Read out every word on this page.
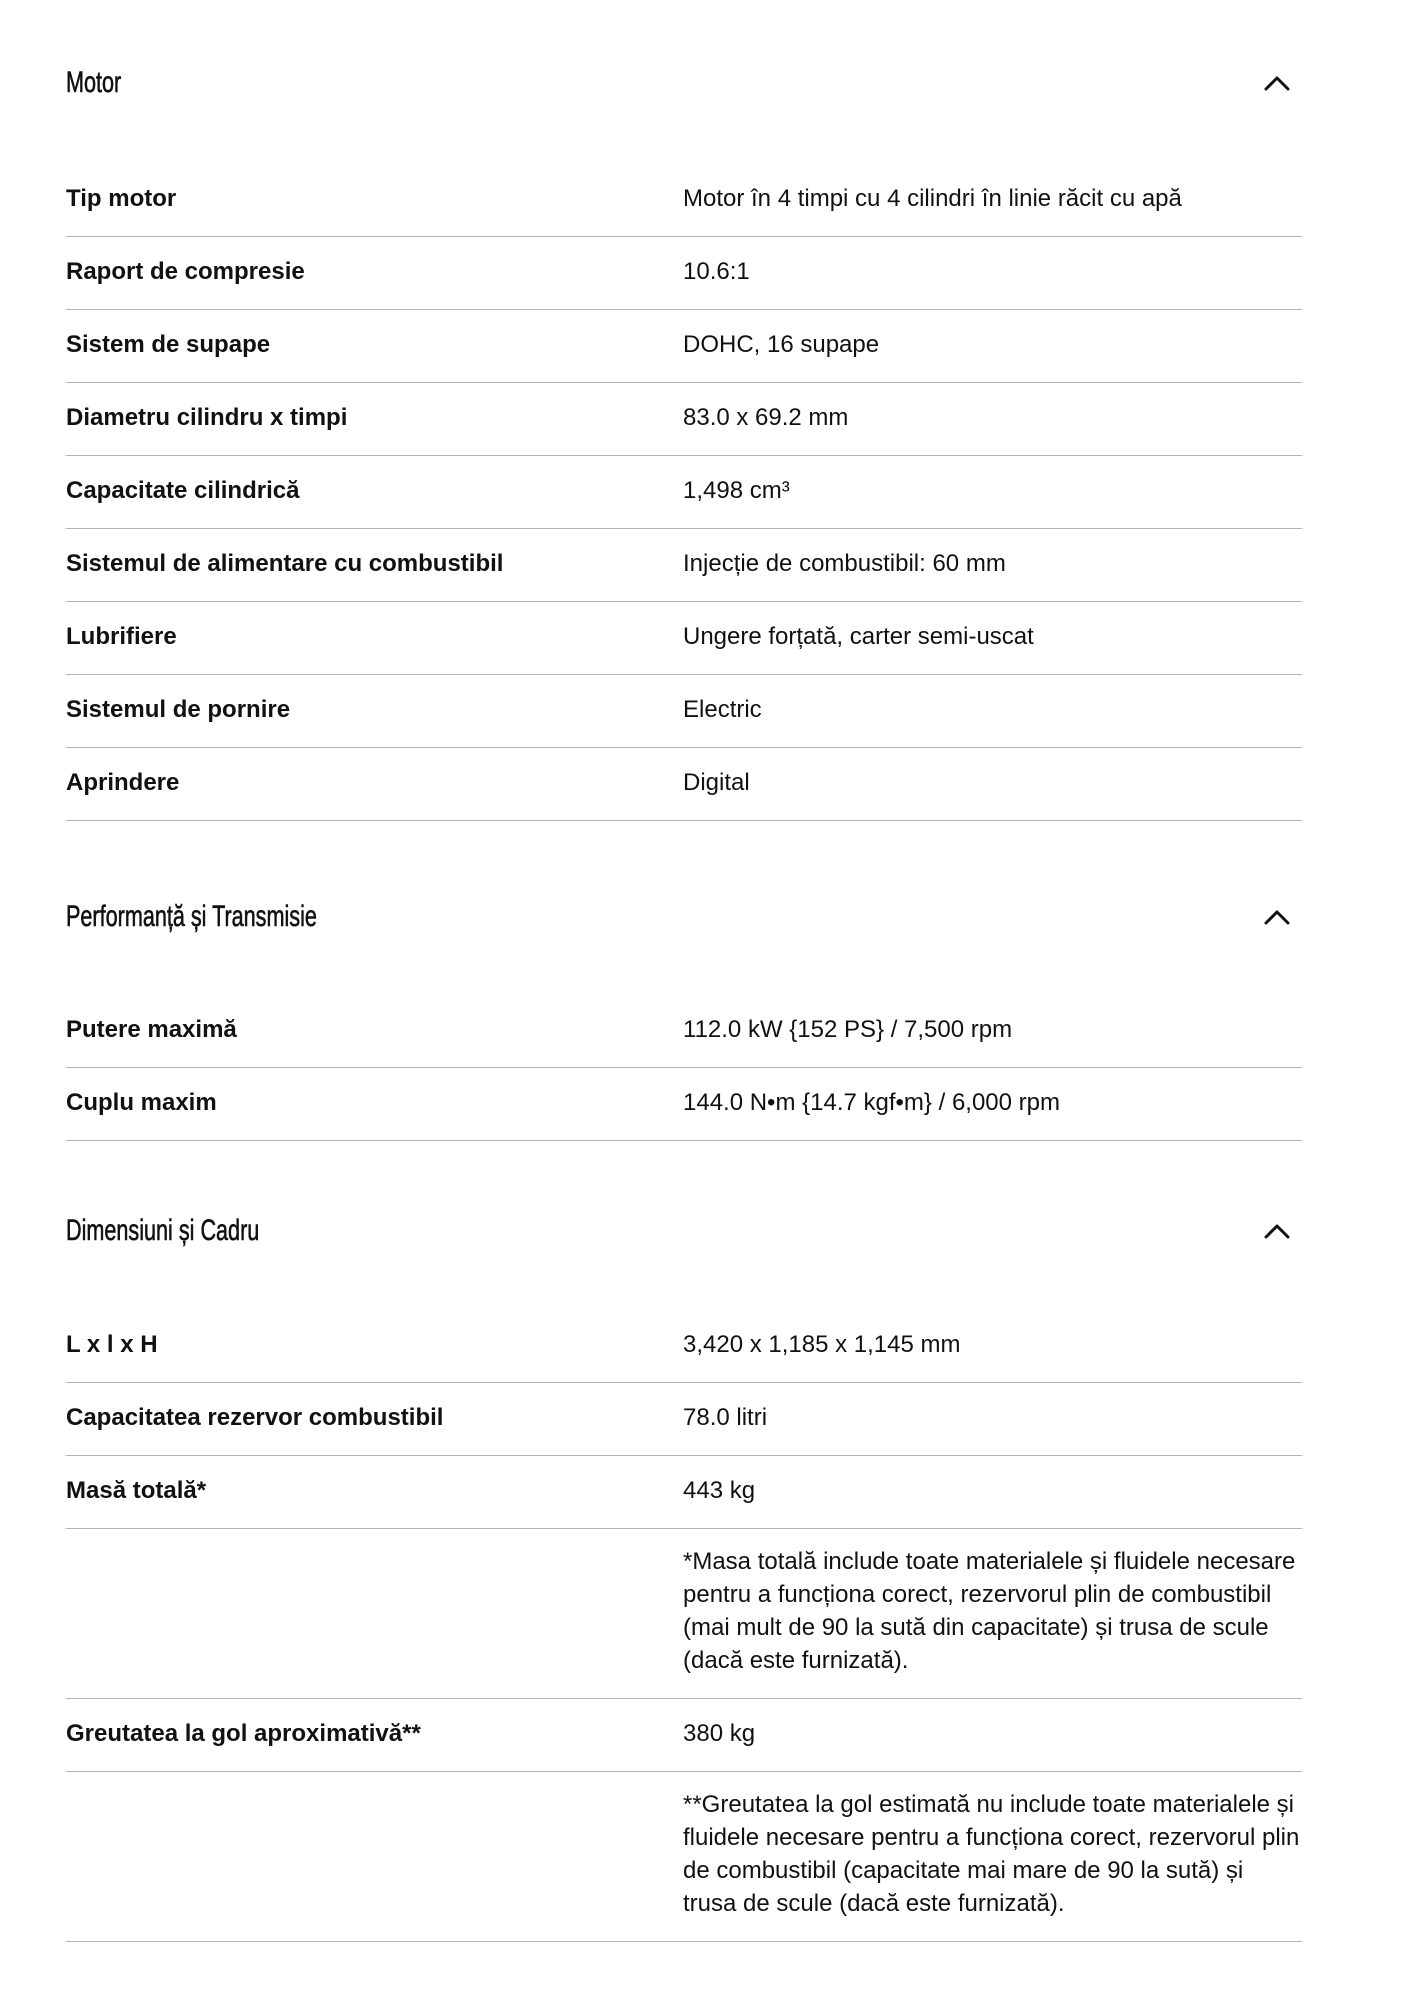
Motor
Tip motor	Motor în 4 timpi cu 4 cilindri în linie răcit cu apă
Raport de compresie	10.6:1
Sistem de supape	DOHC, 16 supape
Diametru cilindru x timpi	83.0 x 69.2 mm
Capacitate cilindrică	1,498 cm³
Sistemul de alimentare cu combustibil	Injecție de combustibil: 60 mm
Lubrifiere	Ungere forțată, carter semi-uscat
Sistemul de pornire	Electric
Aprindere	Digital
Performanță și Transmisie
Putere maximă	112.0 kW {152 PS} / 7,500 rpm
Cuplu maxim	144.0 N•m {14.7 kgf•m} / 6,000 rpm
Dimensiuni și Cadru
L x l x H	3,420 x 1,185 x 1,145 mm
Capacitatea rezervor combustibil	78.0 litri
Masă totală*	443 kg
*Masa totală include toate materialele și fluidele necesare pentru a funcționa corect, rezervorul plin de combustibil (mai mult de 90 la sută din capacitate) și trusa de scule (dacă este furnizată).
Greutatea la gol aproximativă**	380 kg
**Greutatea la gol estimată nu include toate materialele și fluidele necesare pentru a funcționa corect, rezervorul plin de combustibil (capacitate mai mare de 90 la sută) și trusa de scule (dacă este furnizată).
